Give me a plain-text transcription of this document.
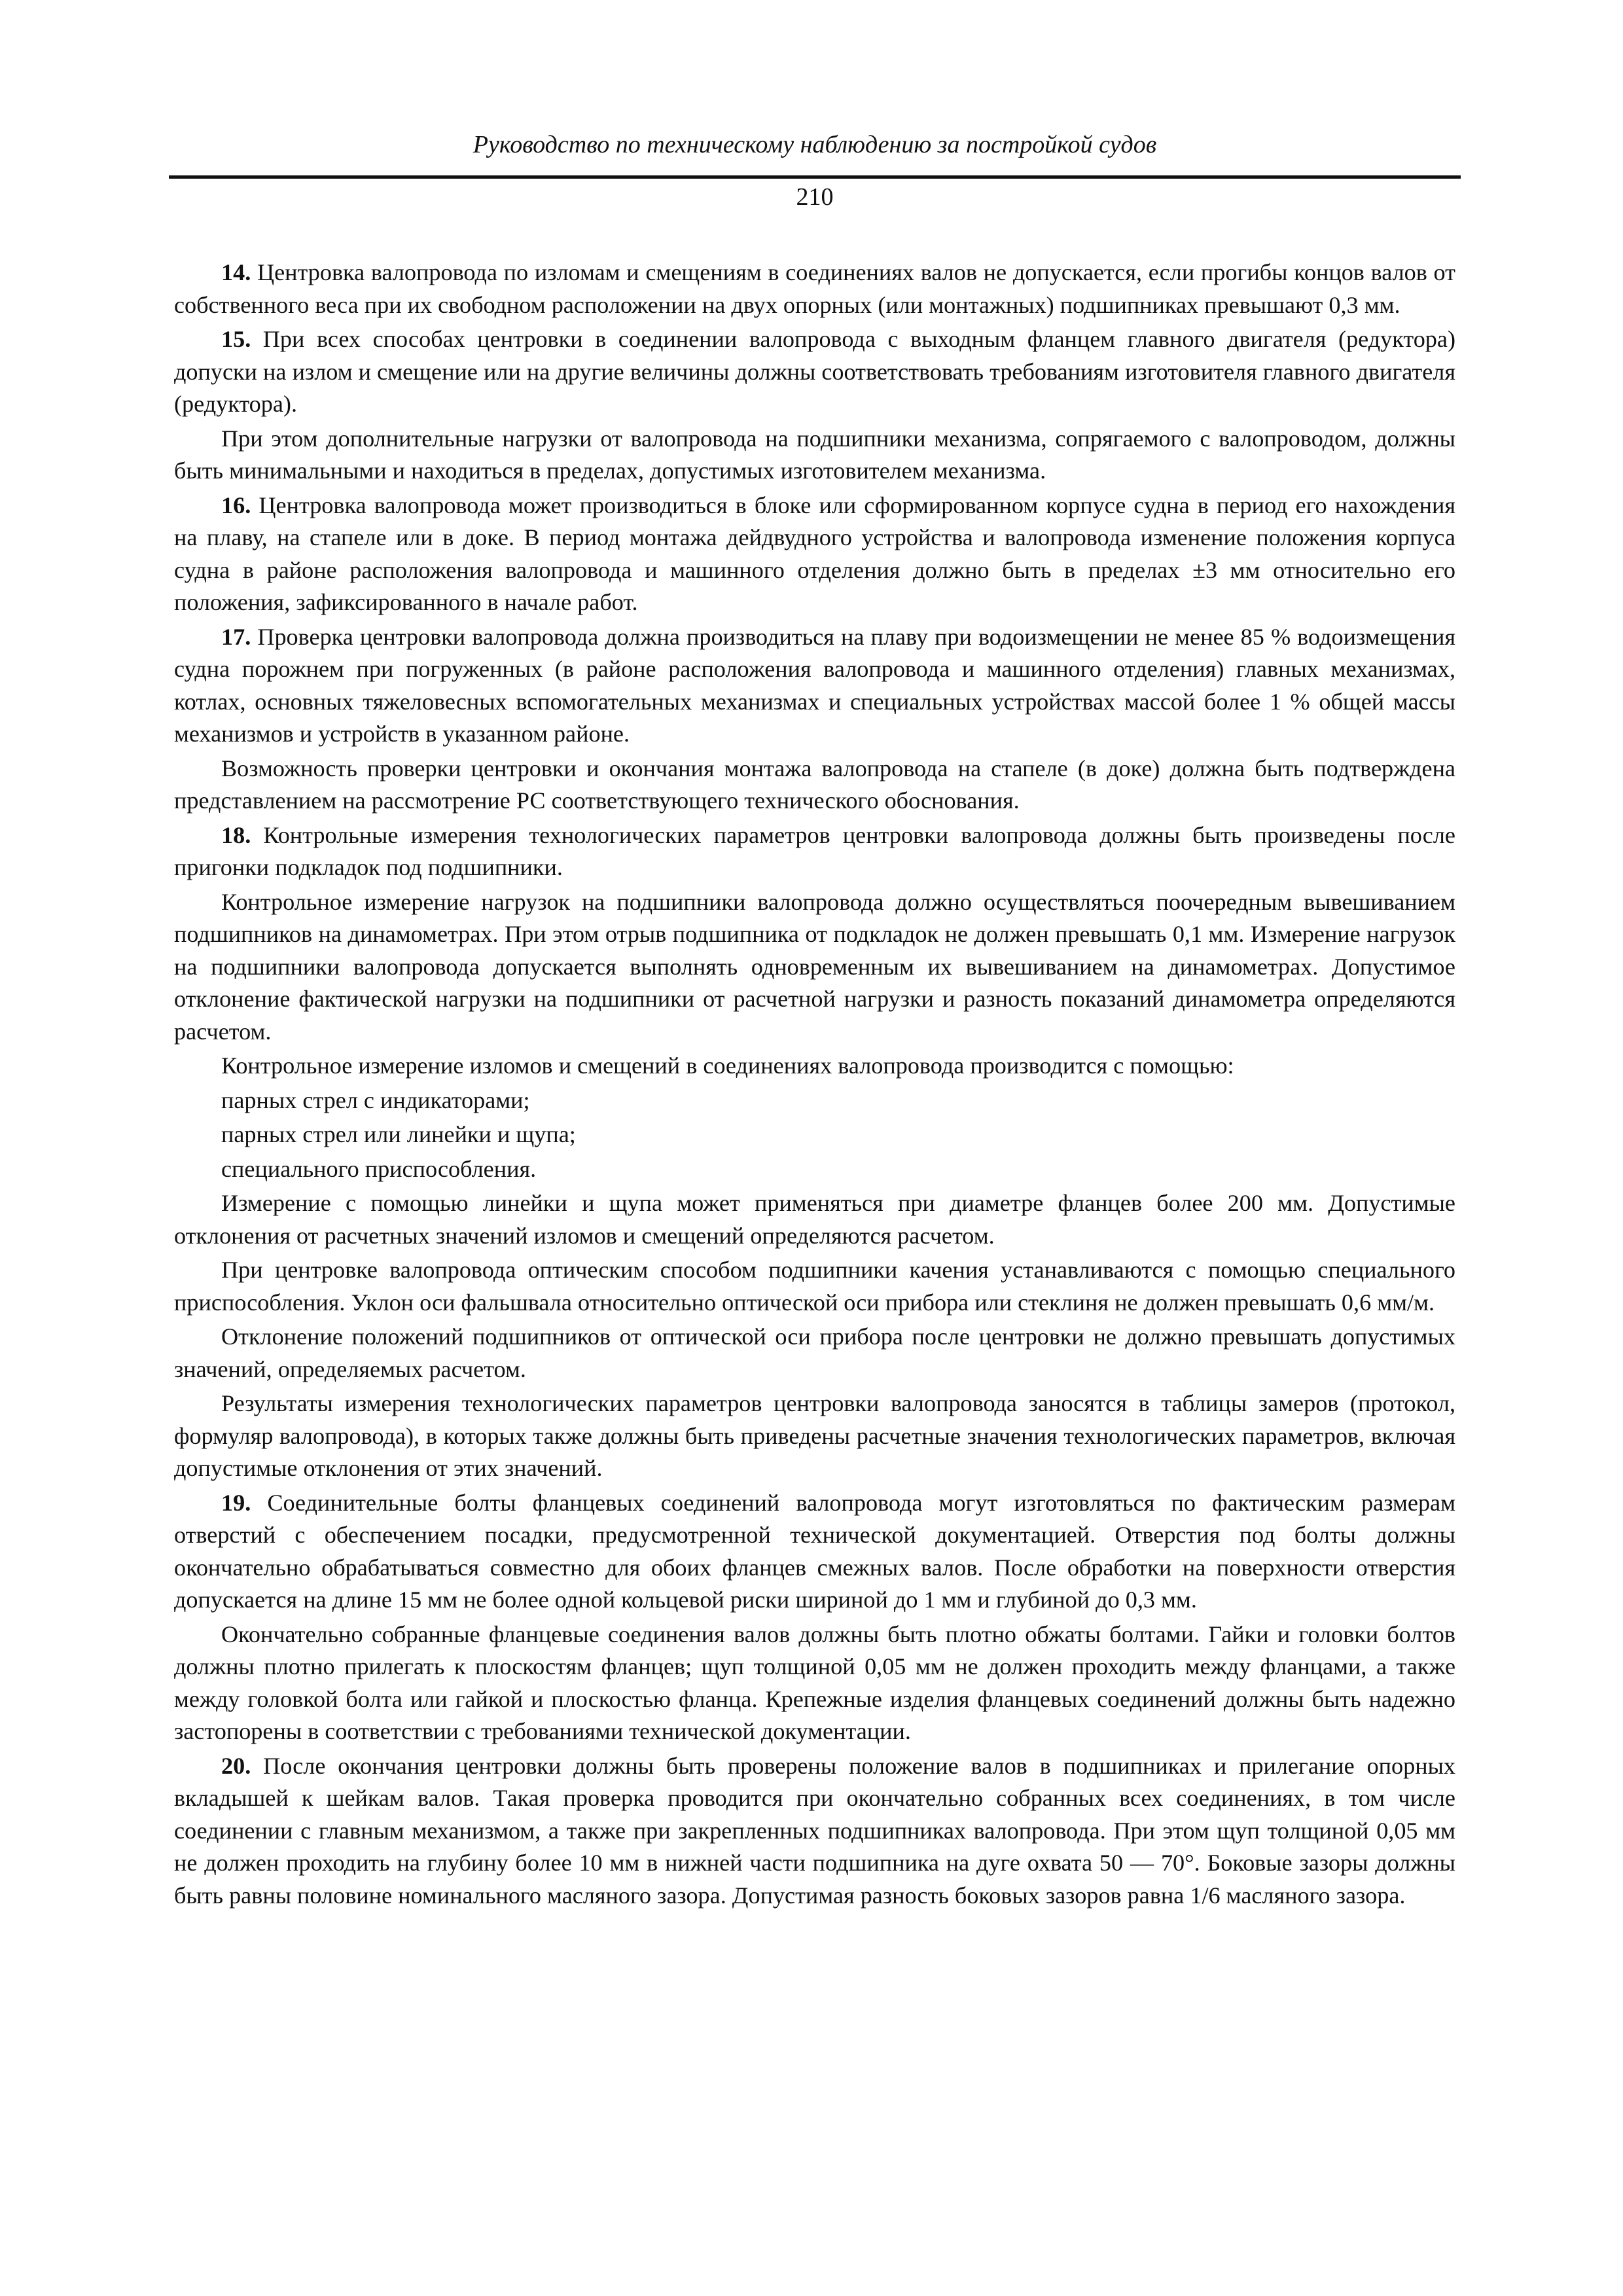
Руководство по техническому наблюдению за постройкой судов
210

14. Центровка валопровода по изломам и смещениям в соединениях валов не допускается, если прогибы концов валов от собственного веса при их свободном расположении на двух опорных (или монтажных) подшипниках превышают 0,3 мм.

15. При всех способах центровки в соединении валопровода с выходным фланцем главного двигателя (редуктора) допуски на излом и смещение или на другие величины должны соответствовать требованиям изготовителя главного двигателя (редуктора).

При этом дополнительные нагрузки от валопровода на подшипники механизма, сопрягаемого с валопроводом, должны быть минимальными и находиться в пределах, допустимых изготовителем механизма.

16. Центровка валопровода может производиться в блоке или сформированном корпусе судна в период его нахождения на плаву, на стапеле или в доке. В период монтажа дейдвудного устройства и валопровода изменение положения корпуса судна в районе расположения валопровода и машинного отделения должно быть в пределах ±3 мм относительно его положения, зафиксированного в начале работ.

17. Проверка центровки валопровода должна производиться на плаву при водоизмещении не менее 85 % водоизмещения судна порожнем при погруженных (в районе расположения валопровода и машинного отделения) главных механизмах, котлах, основных тяжеловесных вспомогательных механизмах и специальных устройствах массой более 1 % общей массы механизмов и устройств в указанном районе.

Возможность проверки центровки и окончания монтажа валопровода на стапеле (в доке) должна быть подтверждена представлением на рассмотрение РС соответствующего технического обоснования.

18. Контрольные измерения технологических параметров центровки валопровода должны быть произведены после пригонки подкладок под подшипники.

Контрольное измерение нагрузок на подшипники валопровода должно осуществляться поочередным вывешиванием подшипников на динамометрах. При этом отрыв подшипника от подкладок не должен превышать 0,1 мм. Измерение нагрузок на подшипники валопровода допускается выполнять одновременным их вывешиванием на динамометрах. Допустимое отклонение фактической нагрузки на подшипники от расчетной нагрузки и разность показаний динамометра определяются расчетом.

Контрольное измерение изломов и смещений в соединениях валопровода производится с помощью:

парных стрел с индикаторами;

парных стрел или линейки и щупа;

специального приспособления.

Измерение с помощью линейки и щупа может применяться при диаметре фланцев более 200 мм. Допустимые отклонения от расчетных значений изломов и смещений определяются расчетом.

При центровке валопровода оптическим способом подшипники качения устанавливаются с помощью специального приспособления. Уклон оси фальшвала относительно оптической оси прибора или стеклиня не должен превышать 0,6 мм/м.

Отклонение положений подшипников от оптической оси прибора после центровки не должно превышать допустимых значений, определяемых расчетом.

Результаты измерения технологических параметров центровки валопровода заносятся в таблицы замеров (протокол, формуляр валопровода), в которых также должны быть приведены расчетные значения технологических параметров, включая допустимые отклонения от этих значений.

19. Соединительные болты фланцевых соединений валопровода могут изготовляться по фактическим размерам отверстий с обеспечением посадки, предусмотренной технической документацией. Отверстия под болты должны окончательно обрабатываться совместно для обоих фланцев смежных валов. После обработки на поверхности отверстия допускается на длине 15 мм не более одной кольцевой риски шириной до 1 мм и глубиной до 0,3 мм.

Окончательно собранные фланцевые соединения валов должны быть плотно обжаты болтами. Гайки и головки болтов должны плотно прилегать к плоскостям фланцев; щуп толщиной 0,05 мм не должен проходить между фланцами, а также между головкой болта или гайкой и плоскостью фланца. Крепежные изделия фланцевых соединений должны быть надежно застопорены в соответствии с требованиями технической документации.

20. После окончания центровки должны быть проверены положение валов в подшипниках и прилегание опорных вкладышей к шейкам валов. Такая проверка проводится при окончательно собранных всех соединениях, в том числе соединении с главным механизмом, а также при закрепленных подшипниках валопровода. При этом щуп толщиной 0,05 мм не должен проходить на глубину более 10 мм в нижней части подшипника на дуге охвата 50 — 70°. Боковые зазоры должны быть равны половине номинального масляного зазора. Допустимая разность боковых зазоров равна 1/6 масляного зазора.
